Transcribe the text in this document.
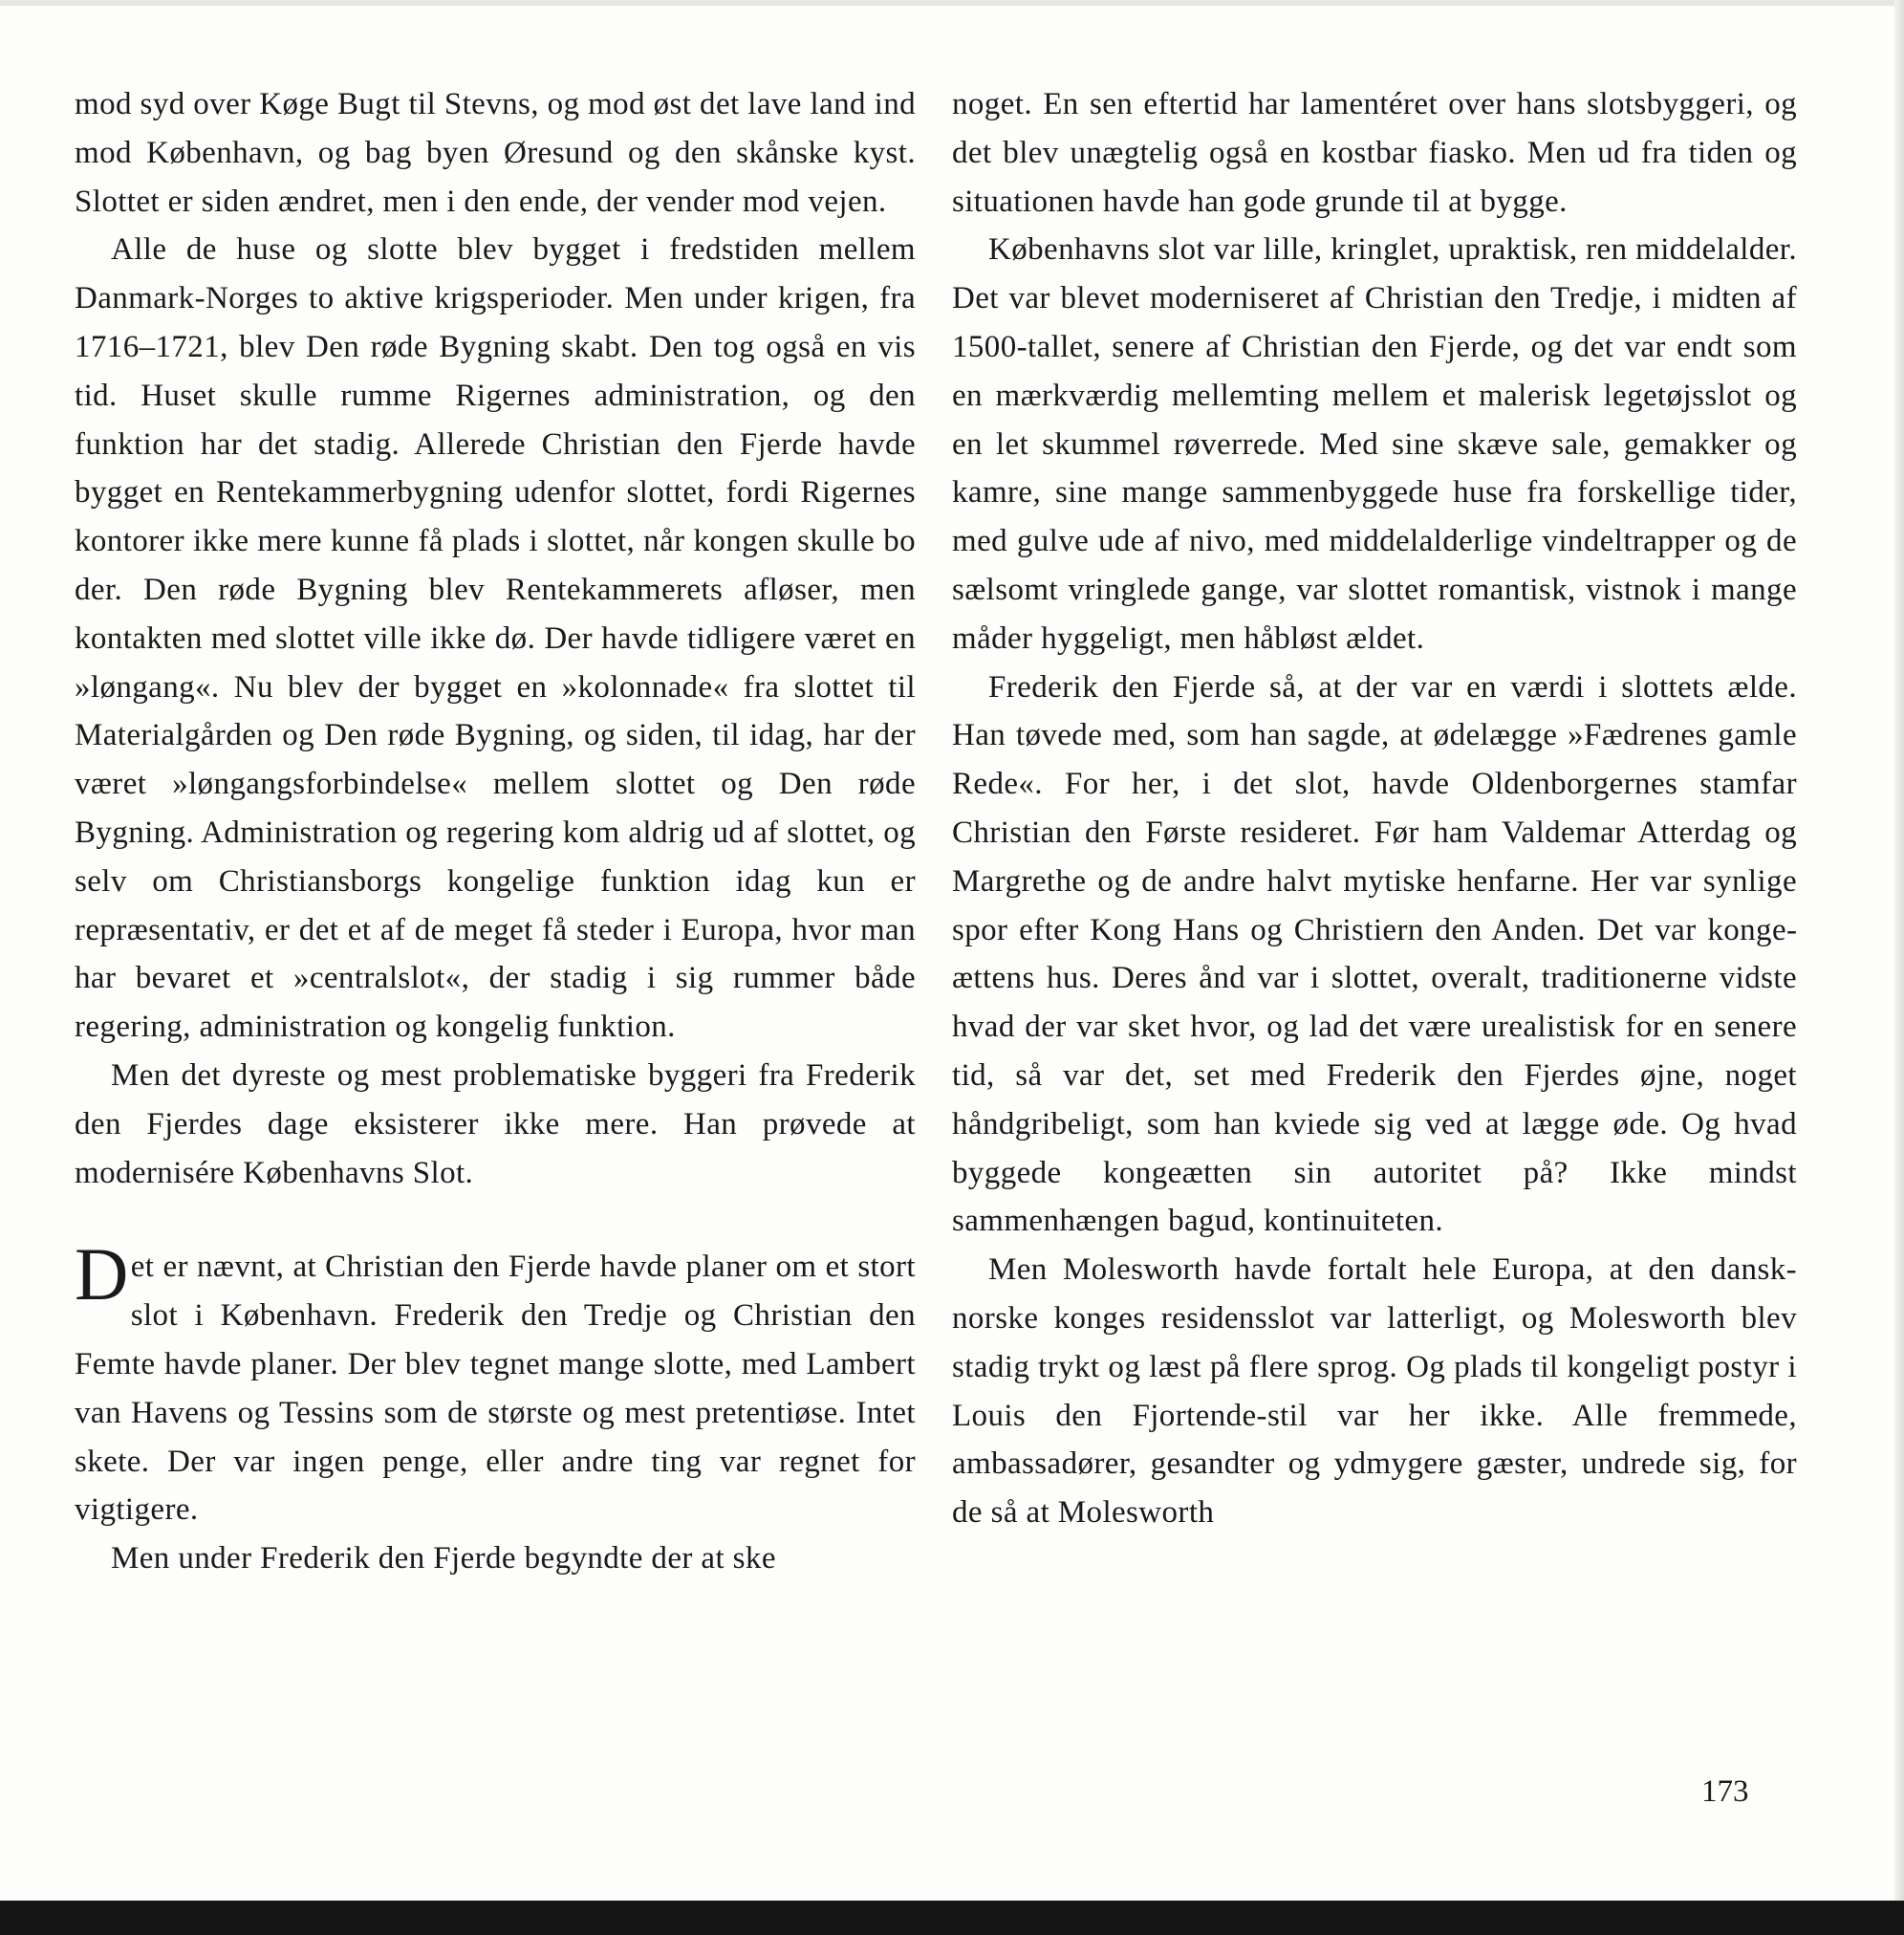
mod syd over Køge Bugt til Stevns, og mod øst det lave land ind mod København, og bag byen Øresund og den skånske kyst. Slottet er siden ændret, men i den ende, der vender mod vejen.

Alle de huse og slotte blev bygget i fredstiden mellem Danmark-Norges to aktive krigsperioder. Men under krigen, fra 1716–1721, blev Den røde Bygning skabt. Den tog også en vis tid. Huset skulle rumme Rigernes administration, og den funktion har det stadig. Allerede Christian den Fjerde havde bygget en Rentekammerbygning udenfor slottet, fordi Rigernes kontorer ikke mere kunne få plads i slottet, når kongen skulle bo der. Den røde Bygning blev Rentekammerets afløser, men kontakten med slottet ville ikke dø. Der havde tidligere været en »løngang«. Nu blev der bygget en »kolonnade« fra slottet til Materialgården og Den røde Bygning, og siden, til idag, har der været »løngangsforbindelse« mellem slottet og Den røde Bygning. Administration og regering kom aldrig ud af slottet, og selv om Christiansborgs kongelige funktion idag kun er repræsentativ, er det et af de meget få steder i Europa, hvor man har bevaret et »centralslot«, der stadig i sig rummer både regering, administration og kongelig funktion.

Men det dyreste og mest problematiske byggeri fra Frederik den Fjerdes dage eksisterer ikke mere. Han prøvede at modernisére Københavns Slot.

Det er nævnt, at Christian den Fjerde havde planer om et stort slot i København. Frederik den Tredje og Christian den Femte havde planer. Der blev tegnet mange slotte, med Lambert van Havens og Tessins som de største og mest pretentiøse. Intet skete. Der var ingen penge, eller andre ting var regnet for vigtigere.

Men under Frederik den Fjerde begyndte der at ske

noget. En sen eftertid har lamentéret over hans slotsbyggeri, og det blev unægtelig også en kostbar fiasko. Men ud fra tiden og situationen havde han gode grunde til at bygge.

Københavns slot var lille, kringlet, upraktisk, ren middelalder. Det var blevet moderniseret af Christian den Tredje, i midten af 1500-tallet, senere af Christian den Fjerde, og det var endt som en mærkværdig mellemting mellem et malerisk legetøjsslot og en let skummel røverrede. Med sine skæve sale, gemakker og kamre, sine mange sammenbyggede huse fra forskellige tider, med gulve ude af nivo, med middelalderlige vindeltrapper og de sælsomt vringlede gange, var slottet romantisk, vistnok i mange måder hyggeligt, men håbløst ældet.

Frederik den Fjerde så, at der var en værdi i slottets ælde. Han tøvede med, som han sagde, at ødelægge »Fædrenes gamle Rede«. For her, i det slot, havde Oldenborgernes stamfar Christian den Første resideret. Før ham Valdemar Atterdag og Margrethe og de andre halvt mytiske henfarne. Her var synlige spor efter Kong Hans og Christiern den Anden. Det var kongeættens hus. Deres ånd var i slottet, overalt, traditionerne vidste hvad der var sket hvor, og lad det være urealistisk for en senere tid, så var det, set med Frederik den Fjerdes øjne, noget håndgribeligt, som han kviede sig ved at lægge øde. Og hvad byggede kongeætten sin autoritet på? Ikke mindst sammenhængen bagud, kontinuiteten.

Men Molesworth havde fortalt hele Europa, at den dansk-norske konges residensslot var latterligt, og Molesworth blev stadig trykt og læst på flere sprog. Og plads til kongeligt postyr i Louis den Fjortende-stil var her ikke. Alle fremmede, ambassadører, gesandter og ydmygere gæster, undrede sig, for de så at Molesworth

173
